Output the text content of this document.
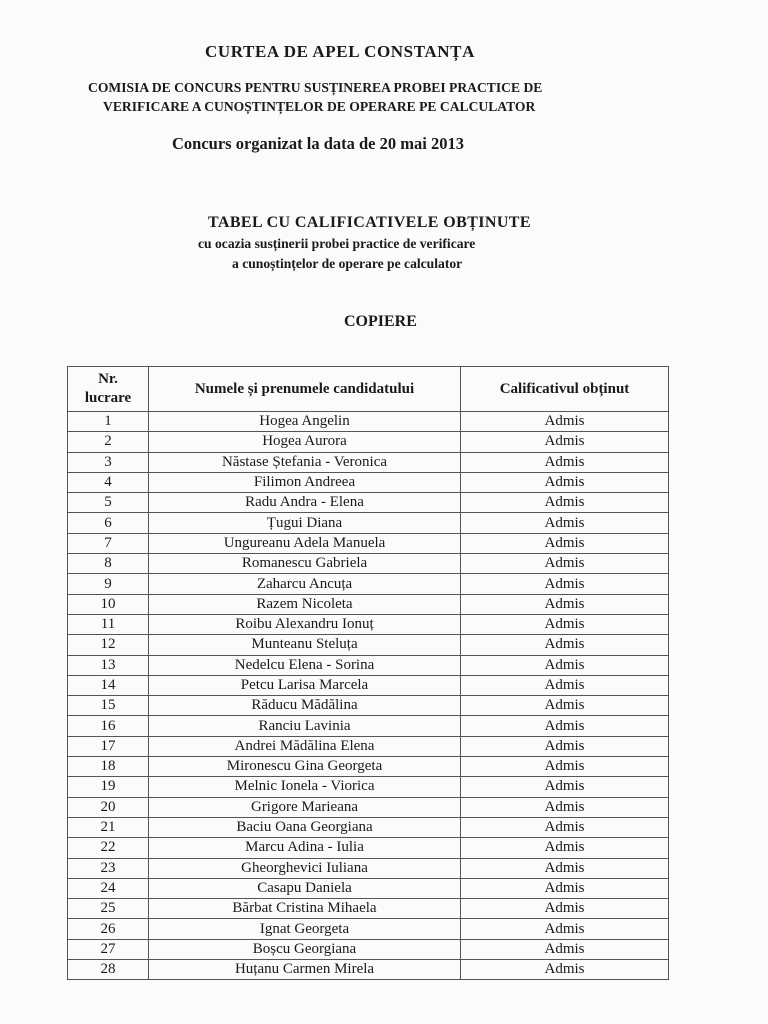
CURTEA DE APEL CONSTANȚA
COMISIA DE CONCURS PENTRU SUSȚINEREA PROBEI PRACTICE DE
VERIFICARE A CUNOȘTINȚELOR DE OPERARE PE CALCULATOR
Concurs organizat la data de 20 mai 2013
TABEL CU CALIFICATIVELE OBȚINUTE
cu ocazia susținerii probei practice de verificare
a cunoștințelor de operare pe calculator
COPIERE
Nr.
lucrare	Numele și prenumele candidatului	Calificativul obținut
1	Hogea Angelin	Admis
2	Hogea Aurora	Admis
3	Năstase Ștefania - Veronica	Admis
4	Filimon Andreea	Admis
5	Radu Andra - Elena	Admis
6	Țugui Diana	Admis
7	Ungureanu Adela Manuela	Admis
8	Romanescu Gabriela	Admis
9	Zaharcu Ancuța	Admis
10	Razem Nicoleta	Admis
11	Roibu Alexandru Ionuț	Admis
12	Munteanu Steluța	Admis
13	Nedelcu Elena - Sorina	Admis
14	Petcu Larisa Marcela	Admis
15	Răducu Mădălina	Admis
16	Ranciu Lavinia	Admis
17	Andrei Mădălina Elena	Admis
18	Mironescu Gina Georgeta	Admis
19	Melnic Ionela - Viorica	Admis
20	Grigore Marieana	Admis
21	Baciu Oana Georgiana	Admis
22	Marcu Adina - Iulia	Admis
23	Gheorghevici Iuliana	Admis
24	Casapu Daniela	Admis
25	Bărbat Cristina Mihaela	Admis
26	Ignat Georgeta	Admis
27	Boșcu Georgiana	Admis
28	Huțanu Carmen Mirela	Admis
